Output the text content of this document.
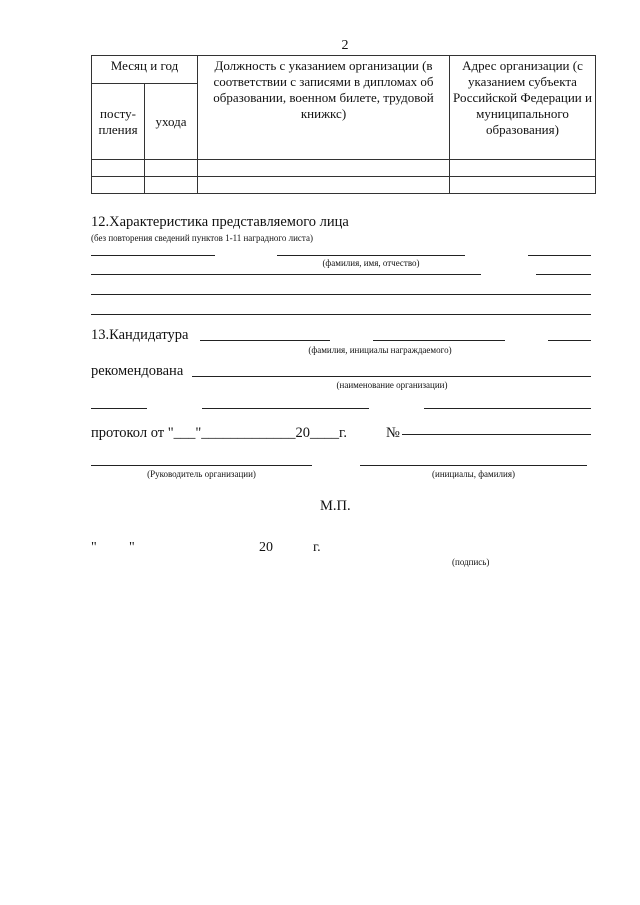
2
Месяц и год		Должность с указанием организации (в соответствии с записями в дипломах об образовании, военном билете, трудовой книжкс)	Адрес организации (с указанием субъекта Российской Федерации и муниципального образования)
посту-пления	ухода		

12.Характеристика представляемого лица
(без повторения сведений пунктов 1-11 наградного листа)
(фамилия, имя, отчество)
13.Кандидатура
(фамилия, инициалы награждаемого)
рекомендована
(наименование организации)
протокол от "___"_____________20____г.	№
(Руководитель организации)	(инициалы, фамилия)
М.П.
" "	20	г.
(подпись)
